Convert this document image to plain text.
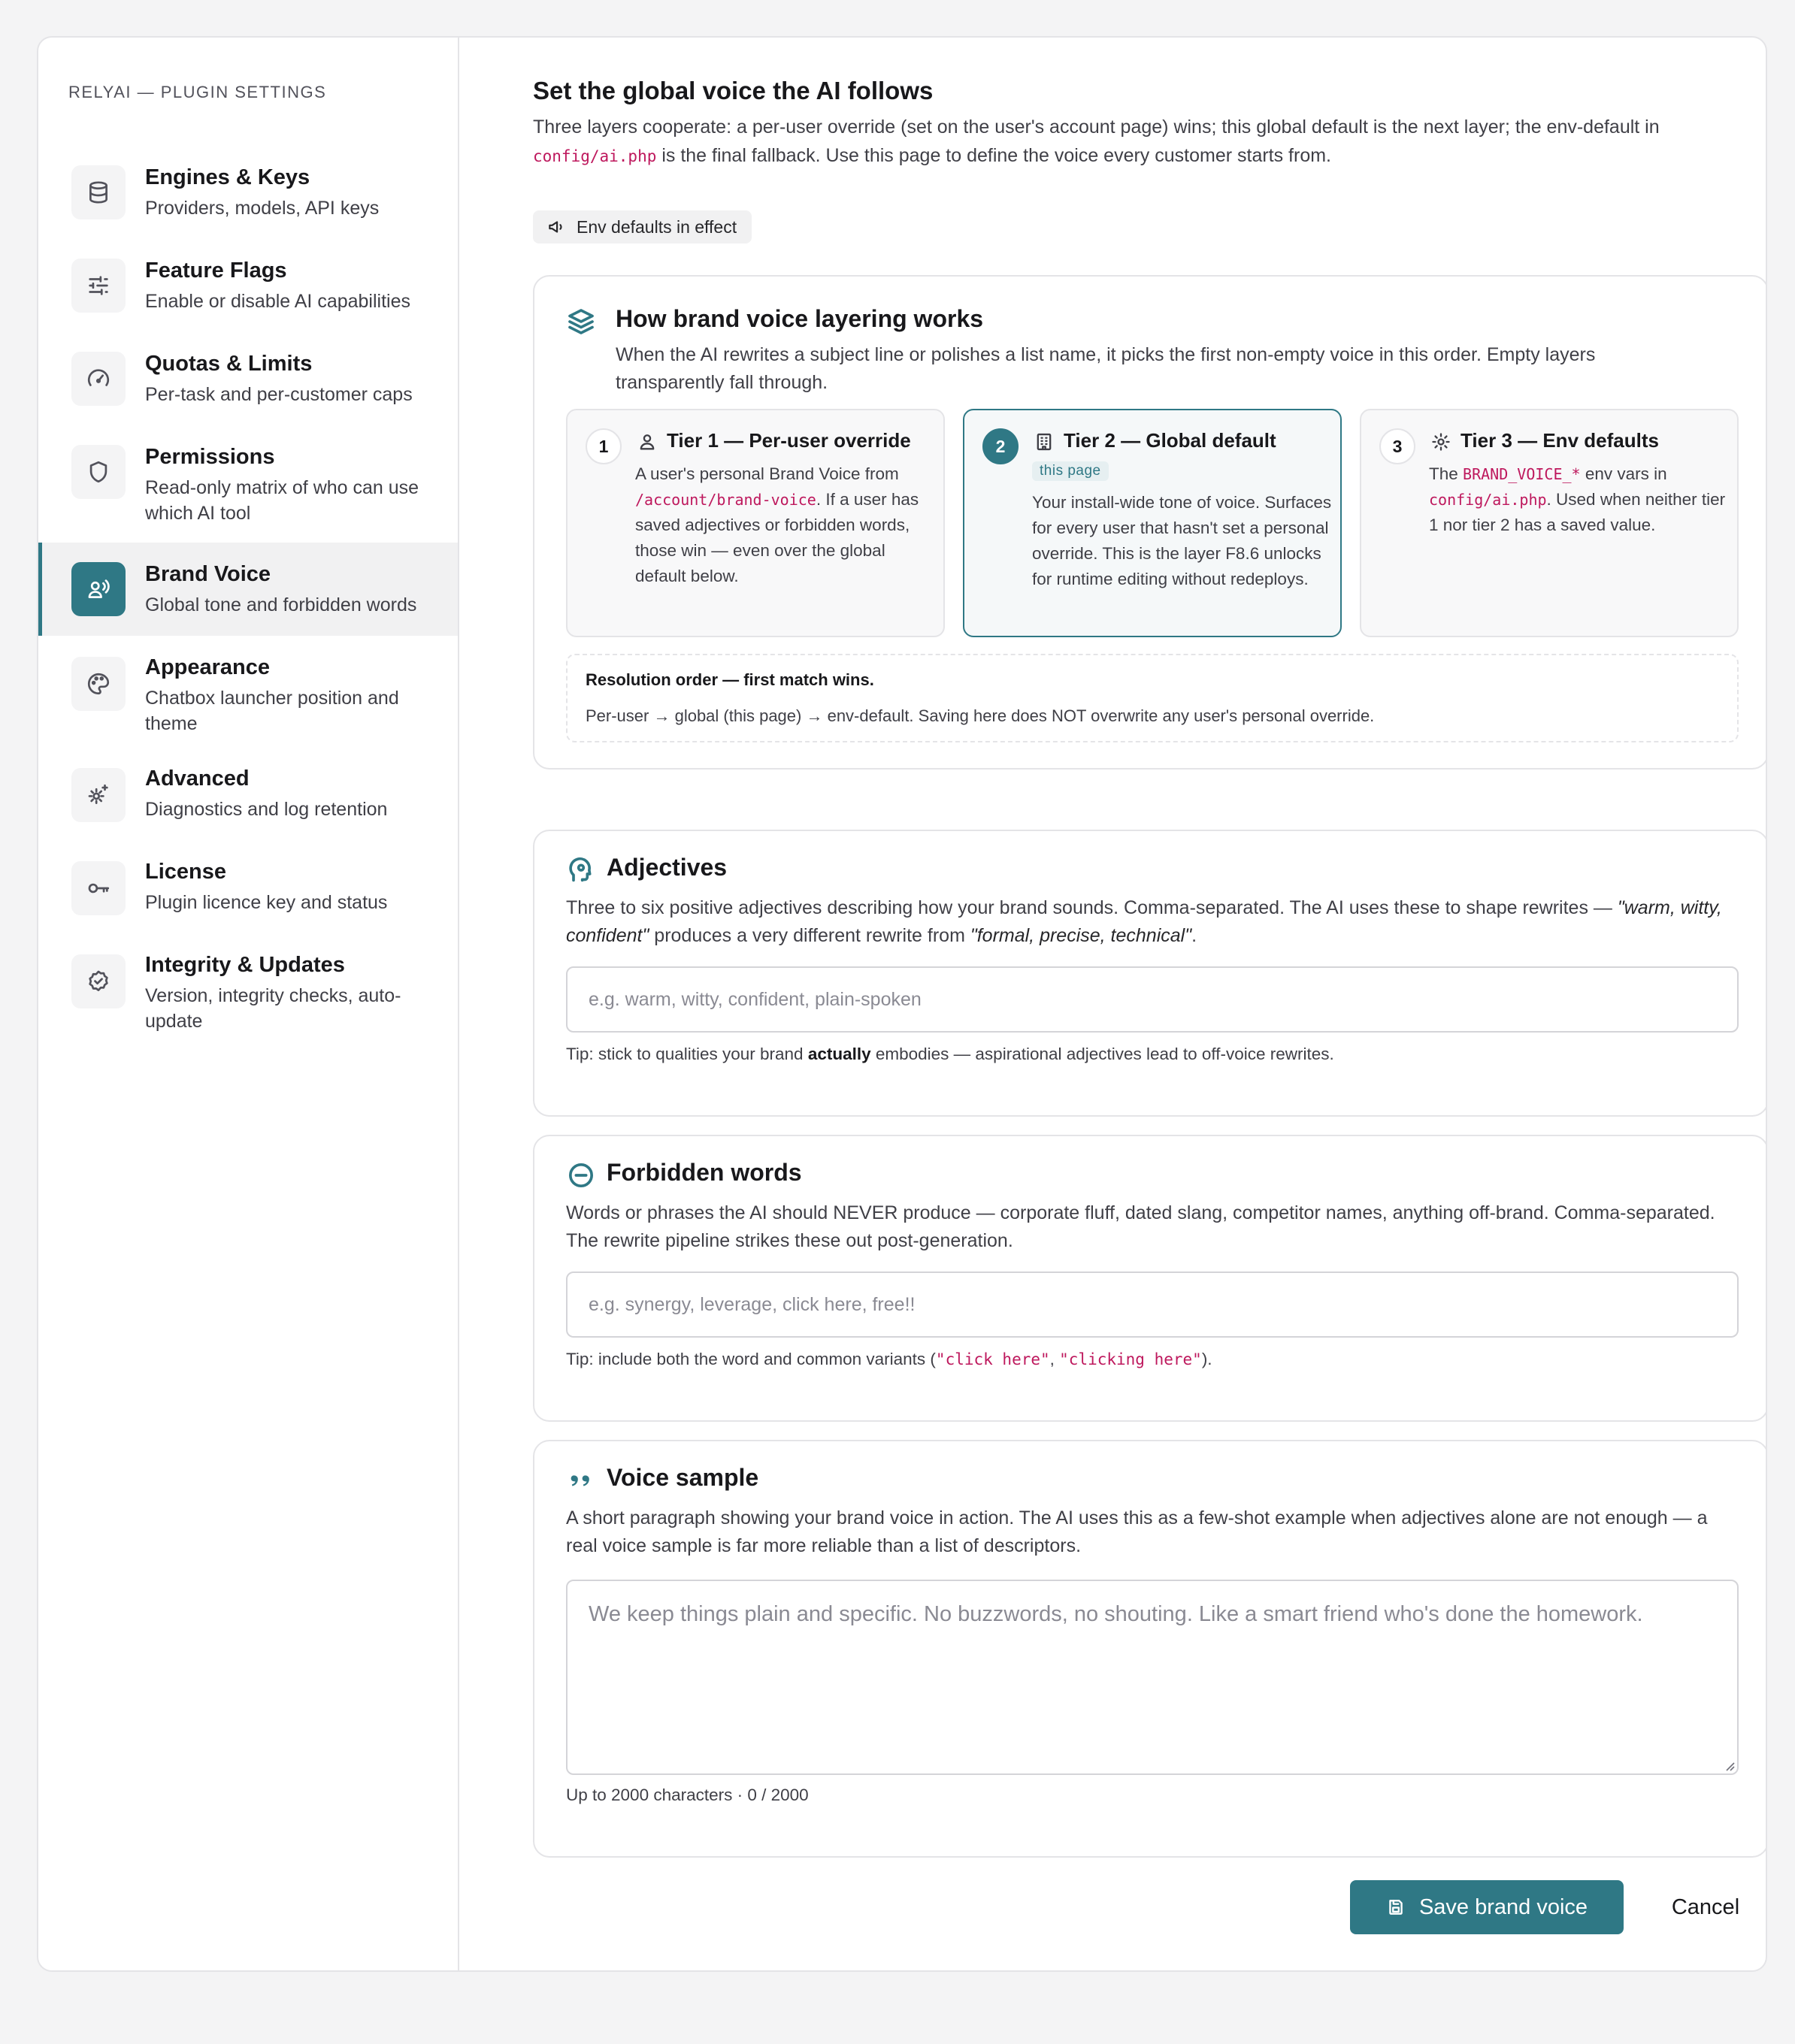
RELYAI — PLUGIN SETTINGS
Engines & Keys
Providers, models, API keys
Feature Flags
Enable or disable AI capabilities
Quotas & Limits
Per-task and per-customer caps
Permissions
Read-only matrix of who can use which AI tool
Brand Voice
Global tone and forbidden words
Appearance
Chatbox launcher position and theme
Advanced
Diagnostics and log retention
License
Plugin licence key and status
Integrity & Updates
Version, integrity checks, auto-update
Set the global voice the AI follows
Three layers cooperate: a per-user override (set on the user's account page) wins; this global default is the next layer; the env-default in config/ai.php is the final fallback. Use this page to define the voice every customer starts from.
Env defaults in effect
How brand voice layering works
When the AI rewrites a subject line or polishes a list name, it picks the first non-empty voice in this order. Empty layers transparently fall through.
1	Tier 1 — Per-user override
A user's personal Brand Voice from /account/brand-voice. If a user has saved adjectives or forbidden words, those win — even over the global default below.
2	Tier 2 — Global default
this page
Your install-wide tone of voice. Surfaces for every user that hasn't set a personal override. This is the layer F8.6 unlocks for runtime editing without redeploys.
3	Tier 3 — Env defaults
The BRAND_VOICE_* env vars in config/ai.php. Used when neither tier 1 nor tier 2 has a saved value.
Resolution order — first match wins.
Per-user → global (this page) → env-default. Saving here does NOT overwrite any user's personal override.
Adjectives
Three to six positive adjectives describing how your brand sounds. Comma-separated. The AI uses these to shape rewrites — "warm, witty, confident" produces a very different rewrite from "formal, precise, technical".
e.g. warm, witty, confident, plain-spoken
Tip: stick to qualities your brand actually embodies — aspirational adjectives lead to off-voice rewrites.
Forbidden words
Words or phrases the AI should NEVER produce — corporate fluff, dated slang, competitor names, anything off-brand. Comma-separated. The rewrite pipeline strikes these out post-generation.
e.g. synergy, leverage, click here, free!!
Tip: include both the word and common variants ("click here", "clicking here").
Voice sample
A short paragraph showing your brand voice in action. The AI uses this as a few-shot example when adjectives alone are not enough — a real voice sample is far more reliable than a list of descriptors.
We keep things plain and specific. No buzzwords, no shouting. Like a smart friend who's done the homework.
Up to 2000 characters · 0 / 2000
Save brand voice	Cancel
